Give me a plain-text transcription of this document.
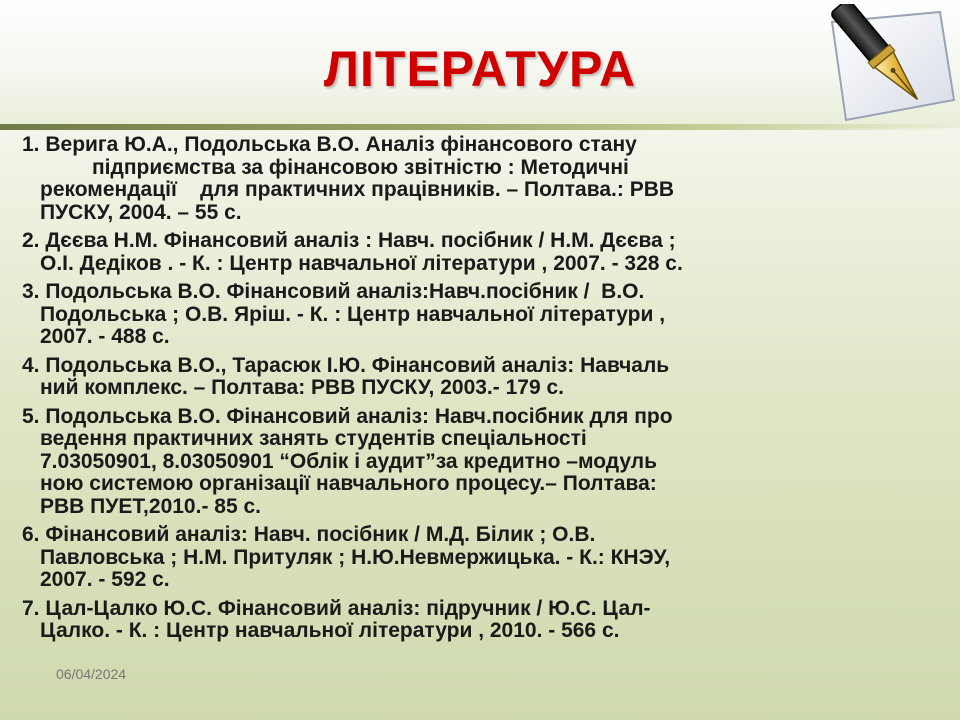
ЛІТЕРАТУРА
1. Верига Ю.А., Подольська В.О. Аналіз фінансового стану
підприємства за фінансовою звітністю : Методичні
рекомендації    для практичних працівників. – Полтава.: РВВ
ПУСКУ, 2004. – 55 с.
2. Дєєва Н.М. Фінансовий аналіз : Навч. посібник / Н.М. Дєєва ;
О.І. Дедіков . - К. : Центр навчальної літератури , 2007. - 328 с.
3. Подольська В.О. Фінансовий аналіз:Навч.посібник /  В.О.
Подольська ; О.В. Яріш. - К. : Центр навчальної літератури ,
2007. - 488 с.
4. Подольська В.О., Тарасюк І.Ю. Фінансовий аналіз: Навчаль
ний комплекс. – Полтава: РВВ ПУСКУ, 2003.- 179 с.
5. Подольська В.О. Фінансовий аналіз: Навч.посібник для про
ведення практичних занять студентів спеціальності
7.03050901, 8.03050901 “Облік і аудит”за кредитно –модуль
ною системою організації навчального процесу.– Полтава:
РВВ ПУЕТ,2010.- 85 с.
6. Фінансовий аналіз: Навч. посібник / М.Д. Білик ; О.В.
Павловська ; Н.М. Притуляк ; Н.Ю.Невмержицька. - К.: КНЭУ,
2007. - 592 с.
7. Цал-Цалко Ю.С. Фінансовий аналіз: підручник / Ю.С. Цал-
Цалко. - К. : Центр навчальної літератури , 2010. - 566 с.
06/04/2024
